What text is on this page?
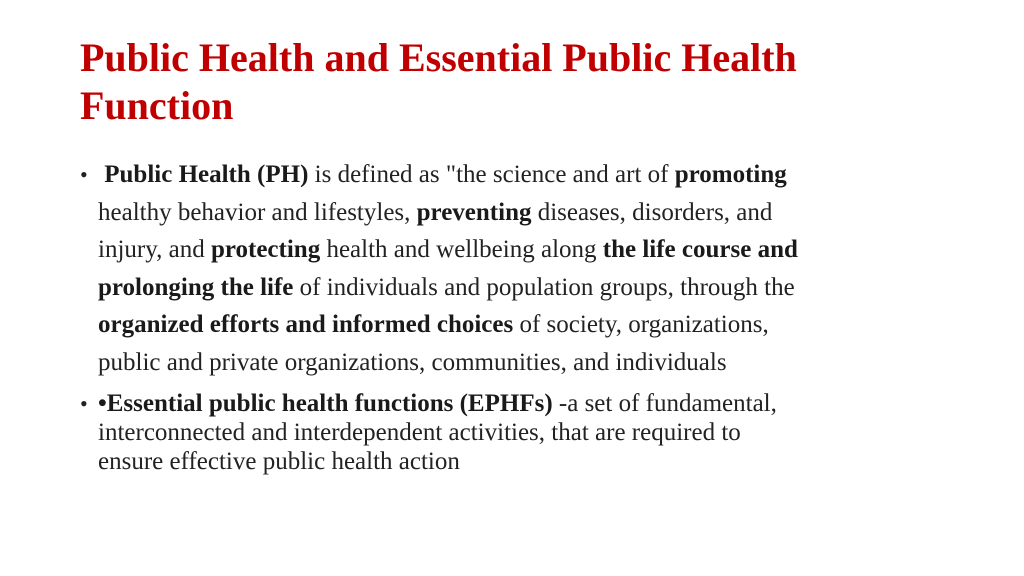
Public Health and Essential Public Health
Function
• Public Health (PH) is defined as "the science and art of promoting
healthy behavior and lifestyles, preventing diseases, disorders, and
injury, and protecting health and wellbeing along the life course and
prolonging the life of individuals and population groups, through the
organized efforts and informed choices of society, organizations,
public and private organizations, communities, and individuals
• •Essential public health functions (EPHFs) -a set of fundamental,
interconnected and interdependent activities, that are required to
ensure effective public health action
